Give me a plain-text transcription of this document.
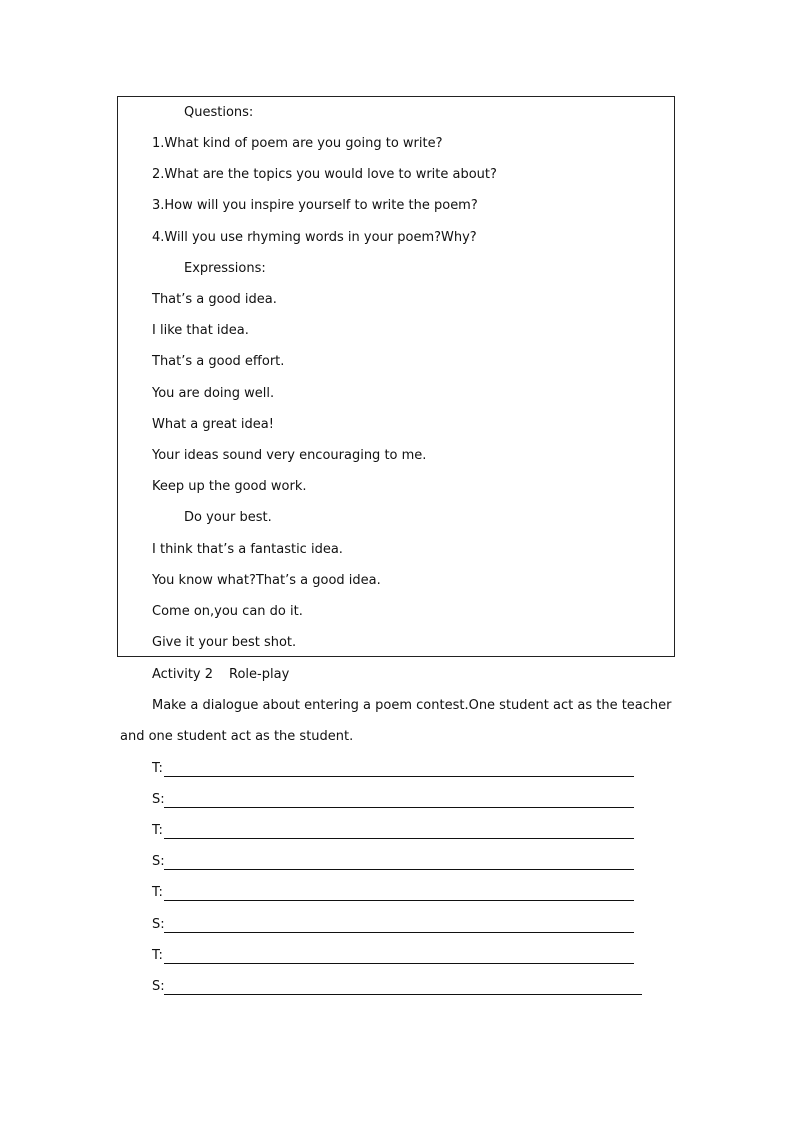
Questions:
1.What kind of poem are you going to write?
2.What are the topics you would love to write about?
3.How will you inspire yourself to write the poem?
4.Will you use rhyming words in your poem?Why?
Expressions:
That’s a good idea.
I like that idea.
That’s a good effort.
You are doing well.
What a great idea!
Your ideas sound very encouraging to me.
Keep up the good work.
Do your best.
I think that’s a fantastic idea.
You know what?That’s a good idea.
Come on,you can do it.
Give it your best shot.
Activity 2 Role-play
Make a dialogue about entering a poem contest.One student act as the teacher
and one student act as the student.
T:
S:
T:
S:
T:
S:
T:
S:
